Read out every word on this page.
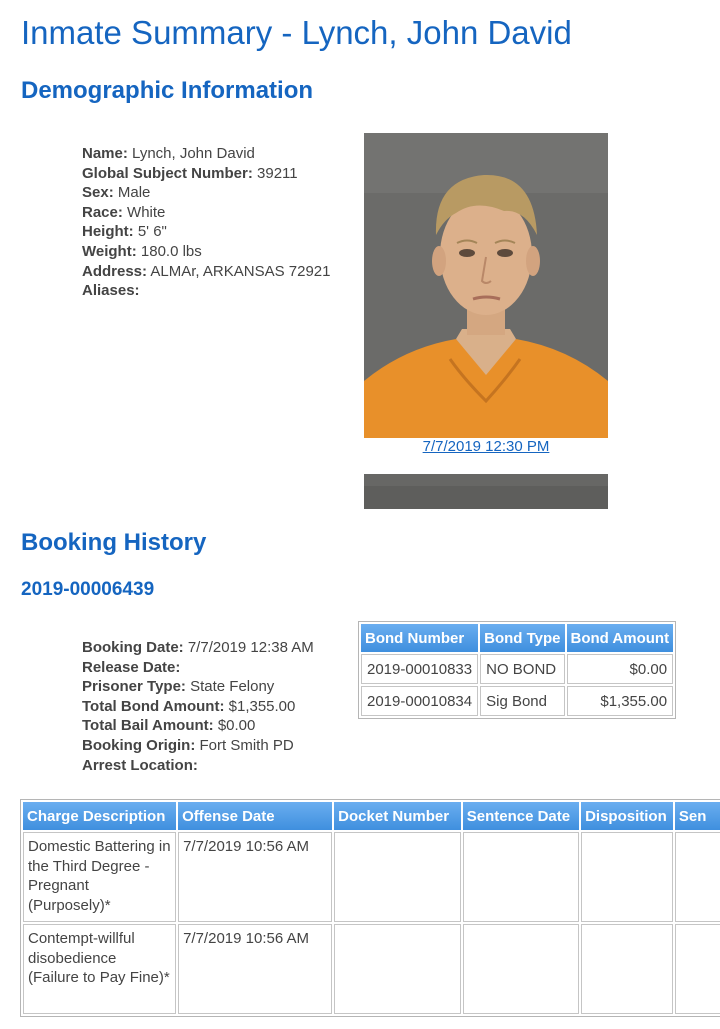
Inmate Summary - Lynch, John David
Demographic Information
Name: Lynch, John David
Global Subject Number: 39211
Sex: Male
Race: White
Height: 5' 6"
Weight: 180.0 lbs
Address: ALMAr, ARKANSAS 72921
Aliases:
7/7/2019 12:30 PM
Booking History
2019-00006439
Booking Date: 7/7/2019 12:38 AM
Release Date:
Prisoner Type: State Felony
Total Bond Amount: $1,355.00
Total Bail Amount: $0.00
Booking Origin: Fort Smith PD
Arrest Location:
Bond Number	Bond Type	Bond Amount
2019-00010833	NO BOND	$0.00
2019-00010834	Sig Bond	$1,355.00
Charge Description	Offense Date	Docket Number	Sentence Date	Disposition	Sen
Domestic Battering in the Third Degree - Pregnant (Purposely)*	7/7/2019 10:56 AM				
Contempt-willful disobedience (Failure to Pay Fine)*	7/7/2019 10:56 AM				
